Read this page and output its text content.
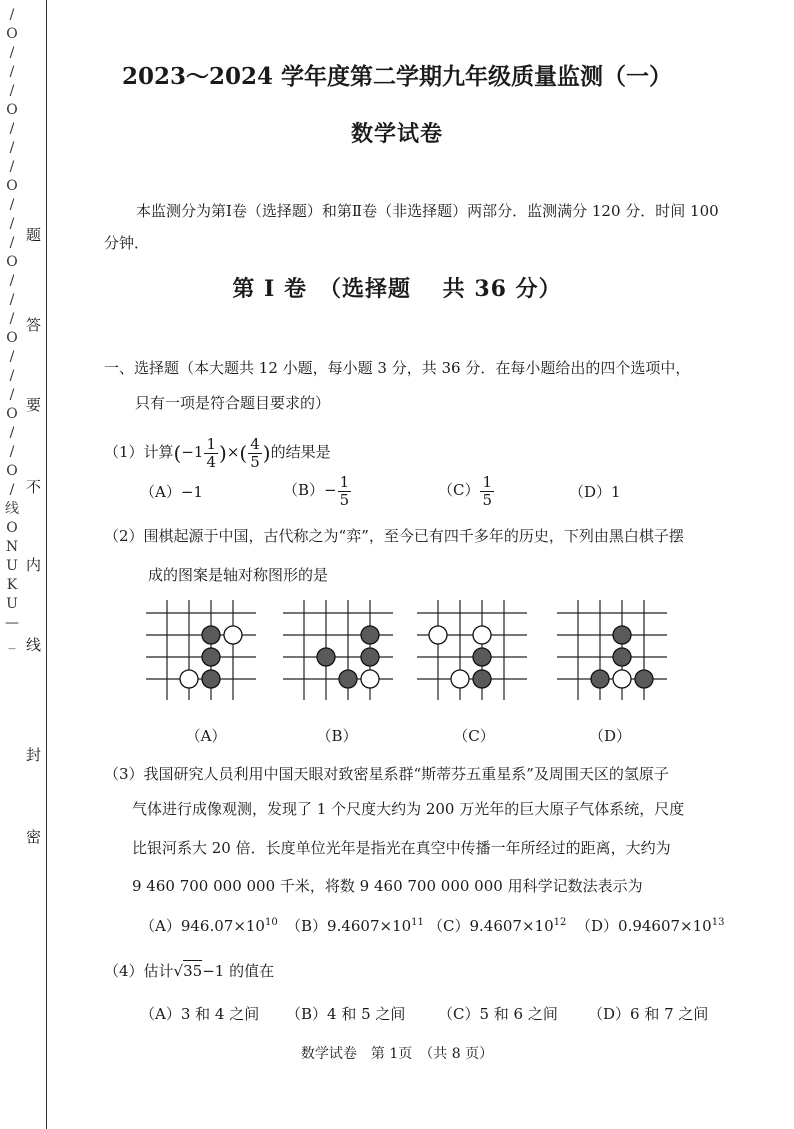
题
答
要
不
内
线
封
密
/
O
/
/
/
O
/
/
/
O
/
/
/
O
/
/
/
O
/
/
/
O
/
/
O
/
线
O
N
U
K
U
—
_
2023～2024 学年度第二学期九年级质量监测（一）
数学试卷
本监测分为第Ⅰ卷（选择题）和第Ⅱ卷（非选择题）两部分．监测满分 120 分．时间 100 分钟．
第 Ⅰ 卷　（选择题　 共 36 分）
一、选择题（本大题共 12 小题，每小题 3 分，共 36 分．在每小题给出的四个选项中，
只有一项是符合题目要求的）
（1）计算($-1 \frac{1}{4}$ )×( $\frac{4}{5}$ )的结果是
（A）−1	$(B)- \frac{1}{5}$	$(C) \frac{1}{5}$	（D）1
（2）围棋起源于中国，古代称之为“弈”，至今已有四千多年的历史，下列由黑白棋子摆
成的图案是轴对称图形的是
（A）	（B）	（C）	（D）
（3）我国研究人员利用中国天眼对致密星系群“斯蒂芬五重星系”及周围天区的氢原子
气体进行成像观测，发现了 1 个尺度大约为 200 万光年的巨大原子气体系统，尺度
比银河系大 20 倍．长度单位光年是指光在真空中传播一年所经过的距离，大约为
9 460 700 000 000 千米，将数 9 460 700 000 000 用科学记数法表示为
$(A)946.07\times 10^{10}$ $(B)9.4607\times 10^{11}$ $(C)9.4607\times 10^{12}$ $(D)0.94607\times 10^{13}$
（4）估计√35−1 的值在
（A）3 和 4 之间 （B）4 和 5 之间 （C）5 和 6 之间 （D）6 和 7 之间
数学试卷　第 1页　（共 8 页）
